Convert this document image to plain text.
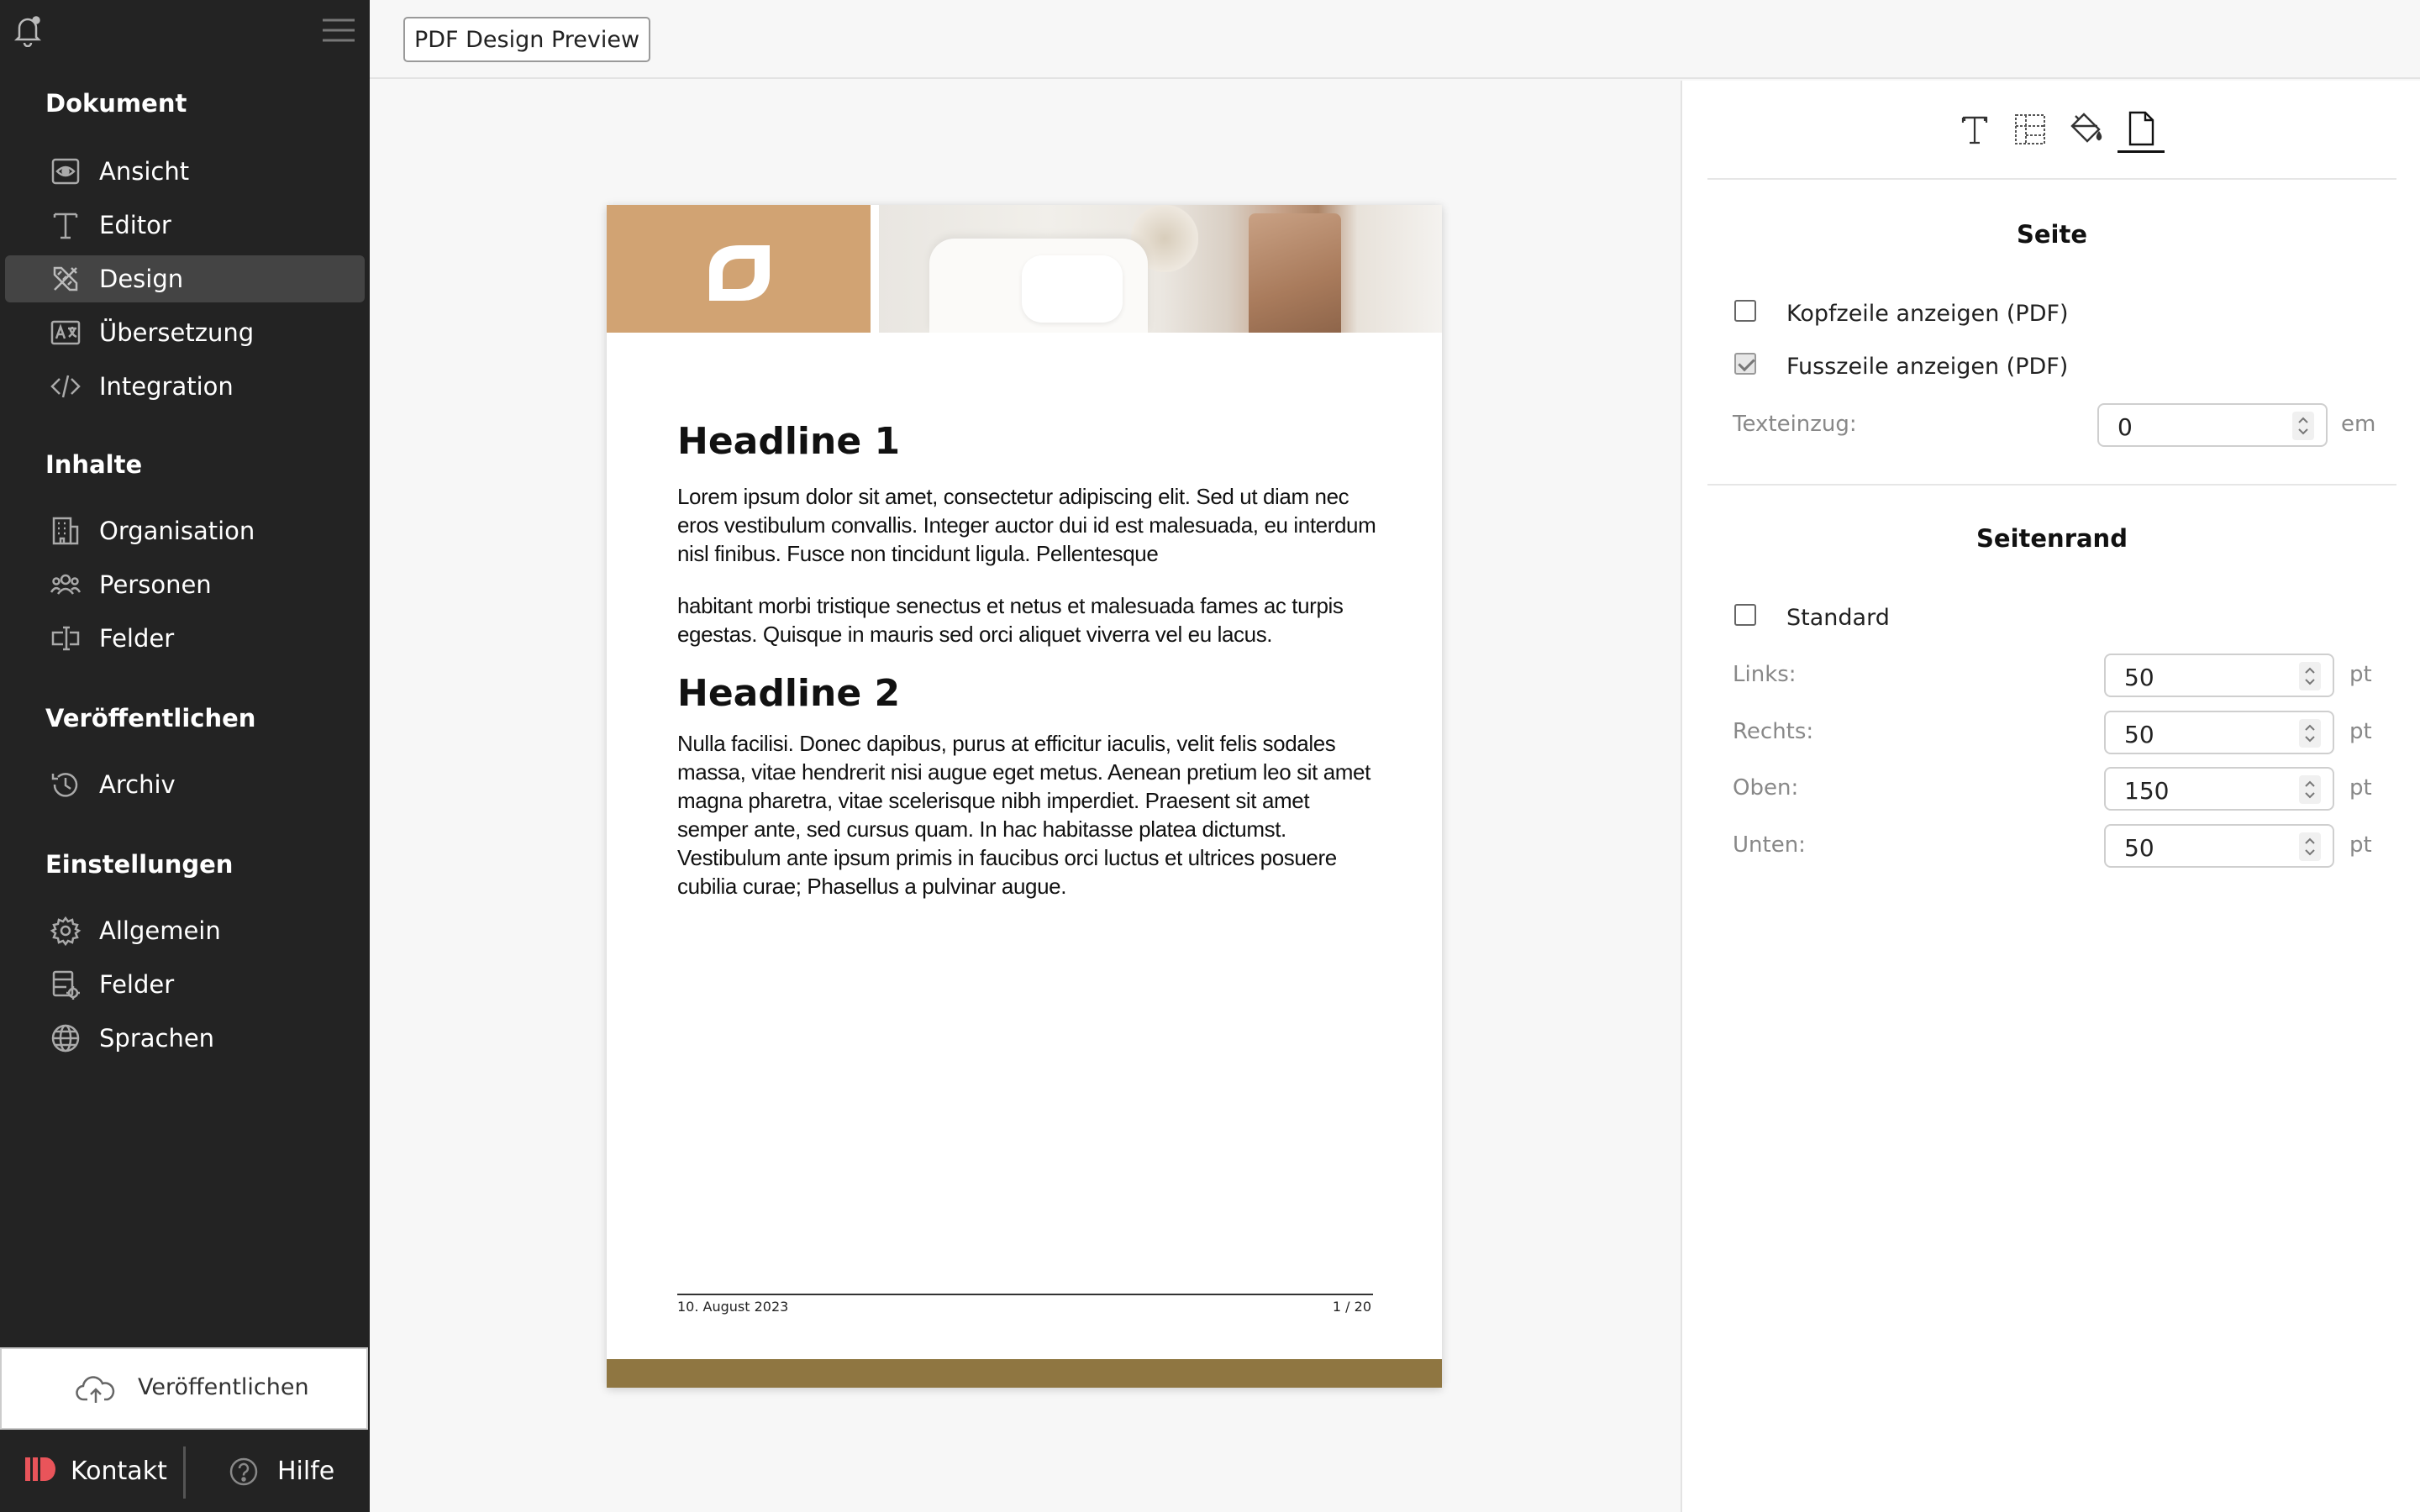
Dokument
Ansicht
Editor
Design
Übersetzung
Integration
Inhalte
Organisation
Personen
Felder
Veröffentlichen
Archiv
Einstellungen
Allgemein
Felder
Sprachen
Veröffentlichen
Kontakt	Hilfe
PDF Design Preview
Headline 1
Lorem ipsum dolor sit amet, consectetur adipiscing elit. Sed ut diam nec eros vestibulum convallis. Integer auctor dui id est malesuada, eu interdum nisl finibus. Fusce non tincidunt ligula. Pellentesque
habitant morbi tristique senectus et netus et malesuada fames ac turpis egestas. Quisque in mauris sed orci aliquet viverra vel eu lacus.
Headline 2
Nulla facilisi. Donec dapibus, purus at efficitur iaculis, velit felis sodales massa, vitae hendrerit nisi augue eget metus. Aenean pretium leo sit amet magna pharetra, vitae scelerisque nibh imperdiet. Praesent sit amet semper ante, sed cursus quam. In hac habitasse platea dictumst. Vestibulum ante ipsum primis in faucibus orci luctus et ultrices posuere cubilia curae; Phasellus a pulvinar augue.
10. August 2023	1 / 20
Seite
Kopfzeile anzeigen (PDF)
Fusszeile anzeigen (PDF)
Texteinzug:	0	em
Seitenrand
Standard
Links:	50	pt
Rechts:	50	pt
Oben:	150	pt
Unten:	50	pt
